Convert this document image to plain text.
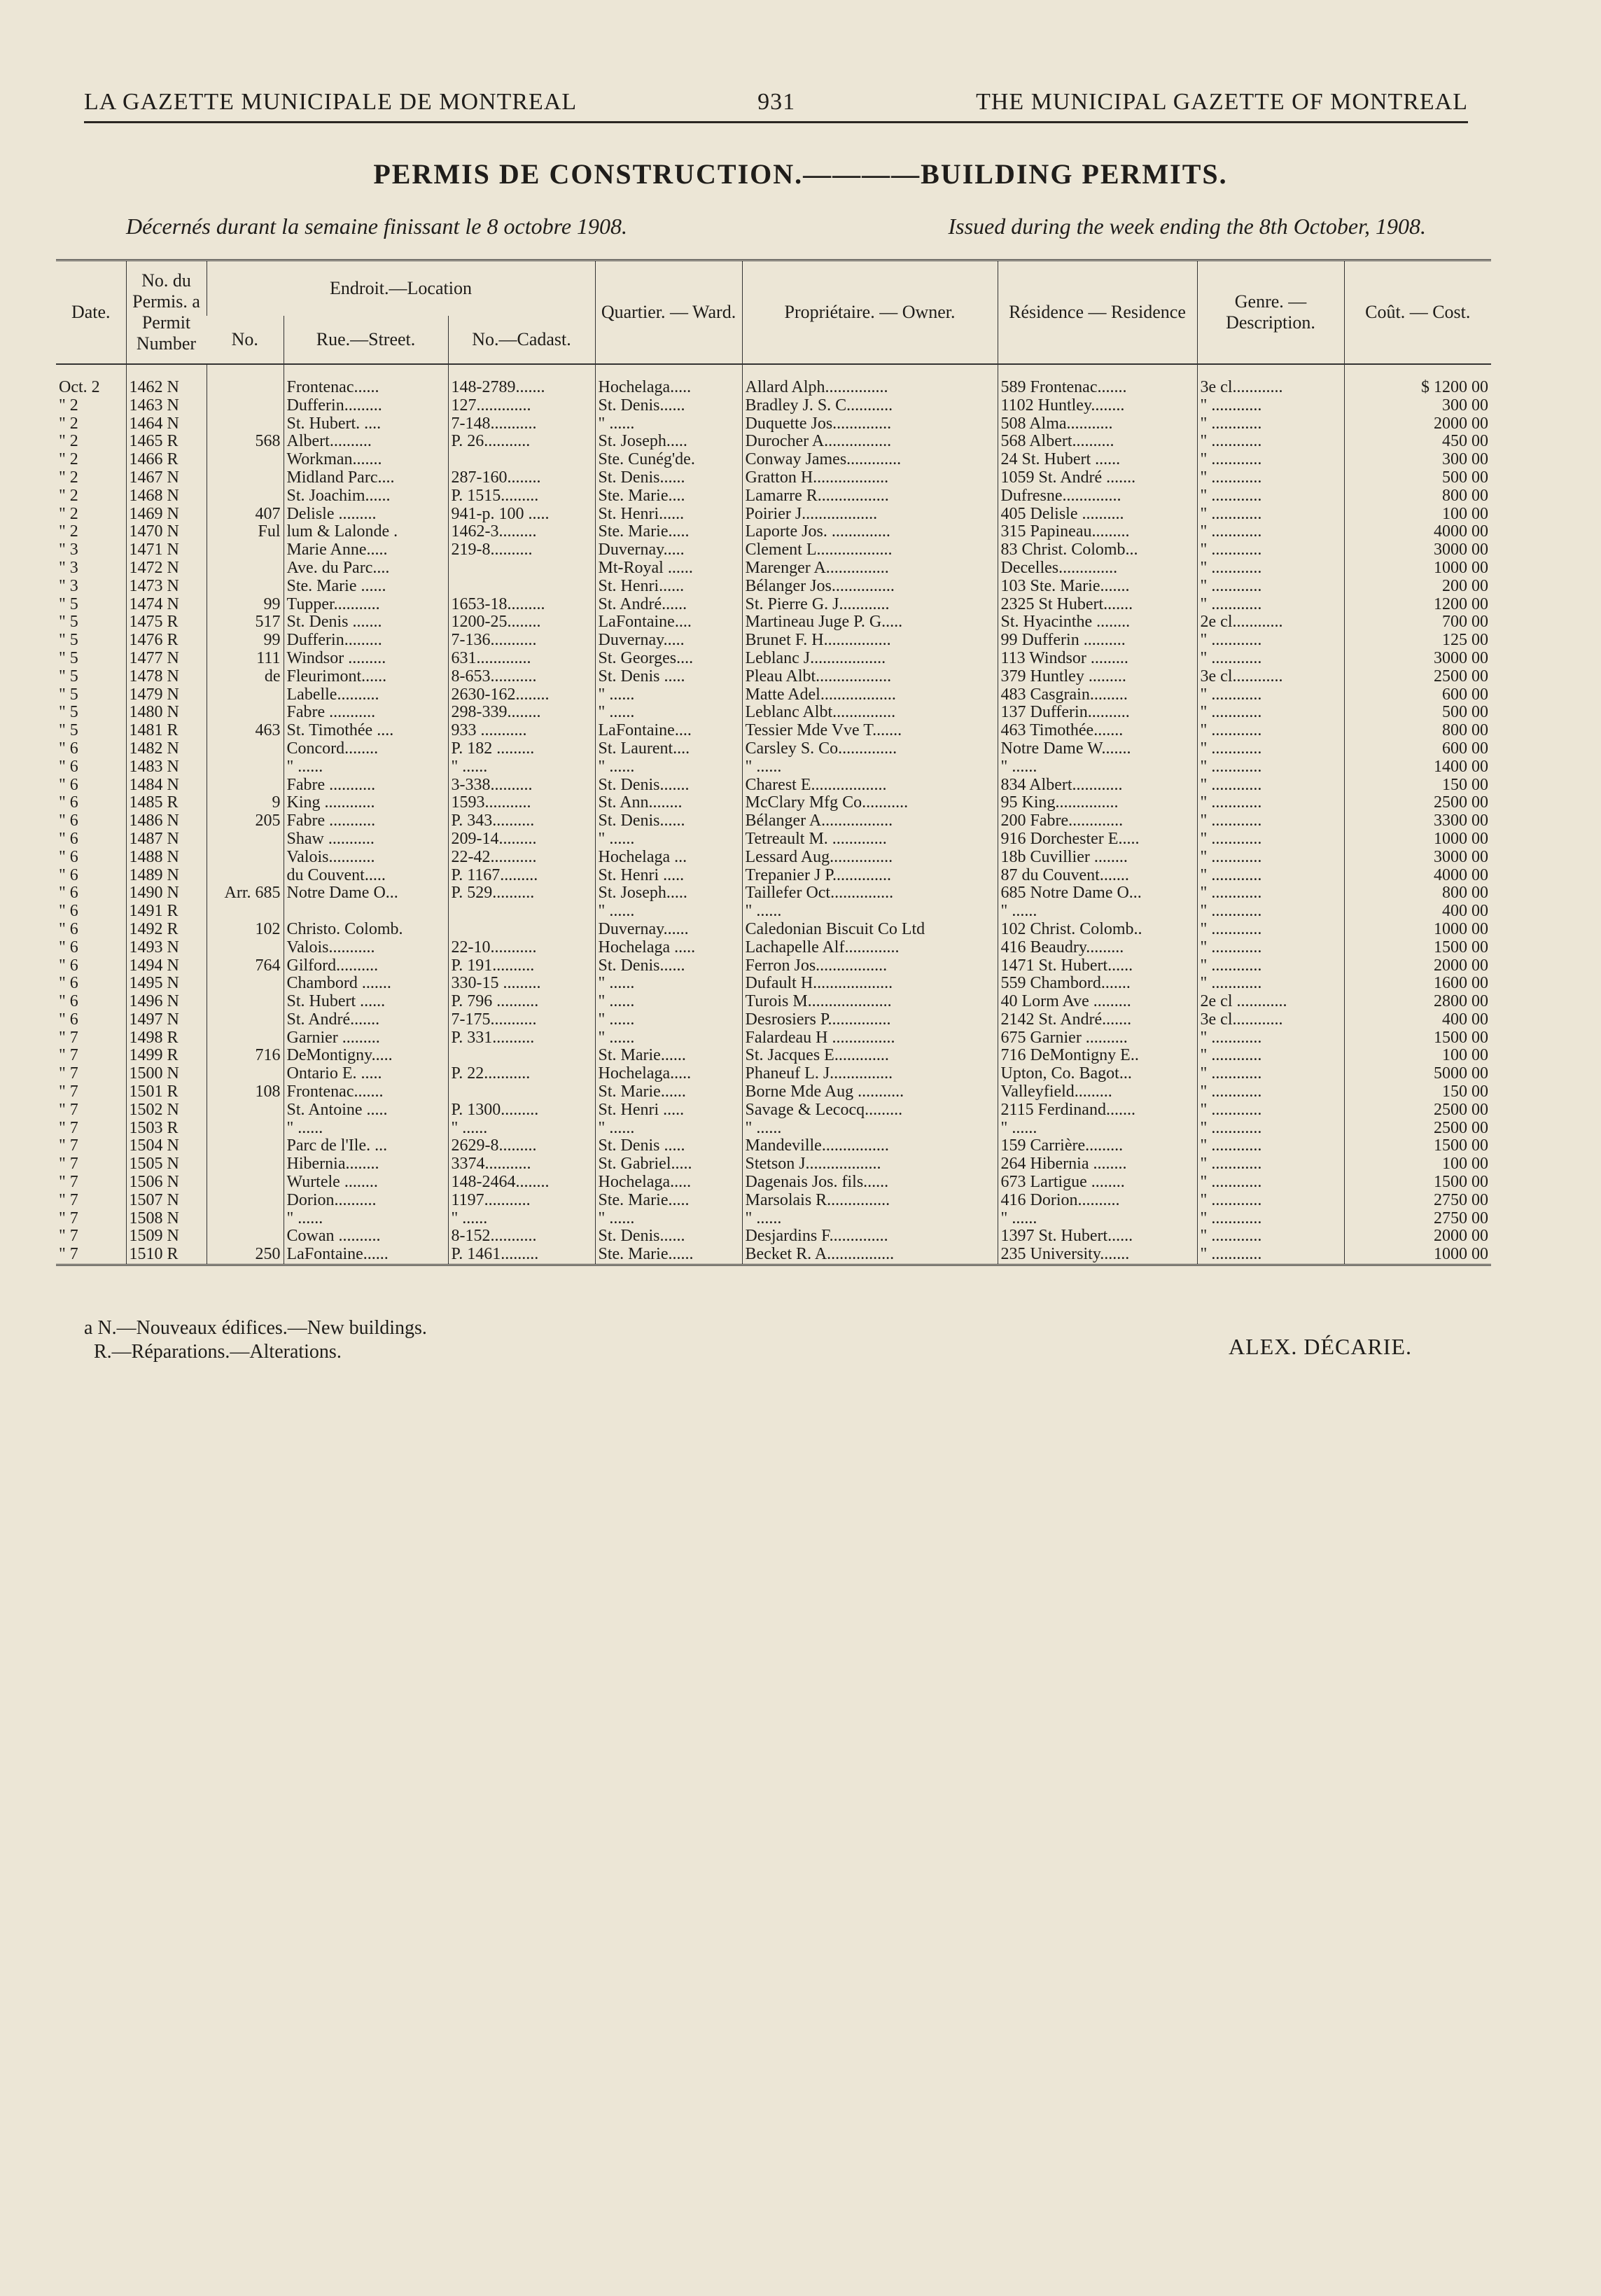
LA GAZETTE MUNICIPALE DE MONTREAL	931	THE MUNICIPAL GAZETTE OF MONTREAL
PERMIS DE CONSTRUCTION.————BUILDING PERMITS.
Décernés durant la semaine finissant le 8 octobre 1908.	Issued during the week ending the 8th October, 1908.
Date.	No. du Permis. a Permit Number	Endroit.—Location			Quartier. — Ward.	Propriétaire. — Owner.	Résidence — Residence	Genre. — Description.	Coût. — Cost.
		No.	Rue.—Street.	No.—Cadast.					
Oct. 2	1462 N		Frontenac......	148-2789.......	Hochelaga.....	Allard Alph...............	589 Frontenac.......	3e cl............	$ 1200 00
" 2	1463 N		Dufferin.........	127.............	St. Denis......	Bradley J. S. C...........	1102 Huntley........	" ............	300 00
" 2	1464 N		St. Hubert. ....	7-148...........	" ......	Duquette Jos..............	508 Alma...........	" ............	2000 00
" 2	1465 R	568	Albert..........	P. 26...........	St. Joseph.....	Durocher A................	568 Albert..........	" ............	450 00
" 2	1466 R		Workman.......		Ste. Cunég'de.	Conway James.............	24 St. Hubert ......	" ............	300 00
" 2	1467 N		Midland Parc....	287-160........	St. Denis......	Gratton H..................	1059 St. André .......	" ............	500 00
" 2	1468 N		St. Joachim......	P. 1515.........	Ste. Marie....	Lamarre R.................	Dufresne..............	" ............	800 00
" 2	1469 N	407	Delisle .........	941-p. 100 .....	St. Henri......	Poirier J..................	405 Delisle ..........	" ............	100 00
" 2	1470 N	Ful	lum & Lalonde .	1462-3.........	Ste. Marie.....	Laporte Jos. ..............	315 Papineau.........	" ............	4000 00
" 3	1471 N		Marie Anne.....	219-8..........	Duvernay.....	Clement L..................	83 Christ. Colomb...	" ............	3000 00
" 3	1472 N		Ave. du Parc....		Mt-Royal ......	Marenger A...............	Decelles..............	" ............	1000 00
" 3	1473 N		Ste. Marie ......		St. Henri......	Bélanger Jos...............	103 Ste. Marie.......	" ............	200 00
" 5	1474 N	99	Tupper...........	1653-18.........	St. André......	St. Pierre G. J............	2325 St Hubert.......	" ............	1200 00
" 5	1475 R	517	St. Denis .......	1200-25........	LaFontaine....	Martineau Juge P. G.....	St. Hyacinthe ........	2e cl............	700 00
" 5	1476 R	99	Dufferin.........	7-136...........	Duvernay.....	Brunet F. H................	99 Dufferin ..........	" ............	125 00
" 5	1477 N	111	Windsor .........	631.............	St. Georges....	Leblanc J..................	113 Windsor .........	" ............	3000 00
" 5	1478 N	de	Fleurimont......	8-653...........	St. Denis .....	Pleau Albt..................	379 Huntley .........	3e cl............	2500 00
" 5	1479 N		Labelle..........	2630-162........	" ......	Matte Adel..................	483 Casgrain.........	" ............	600 00
" 5	1480 N		Fabre ...........	298-339........	" ......	Leblanc Albt...............	137 Dufferin..........	" ............	500 00
" 5	1481 R	463	St. Timothée ....	933 ...........	LaFontaine....	Tessier Mde Vve T.......	463 Timothée.......	" ............	800 00
" 6	1482 N		Concord........	P. 182 .........	St. Laurent....	Carsley S. Co..............	Notre Dame W.......	" ............	600 00
" 6	1483 N		" ......	" ......	" ......	" ......	" ......	" ............	1400 00
" 6	1484 N		Fabre ...........	3-338..........	St. Denis.......	Charest E..................	834 Albert............	" ............	150 00
" 6	1485 R	9	King ............	1593...........	St. Ann........	McClary Mfg Co...........	95 King...............	" ............	2500 00
" 6	1486 N	205	Fabre ...........	P. 343..........	St. Denis......	Bélanger A.................	200 Fabre.............	" ............	3300 00
" 6	1487 N		Shaw ...........	209-14.........	" ......	Tetreault M. .............	916 Dorchester E.....	" ............	1000 00
" 6	1488 N		Valois...........	22-42...........	Hochelaga ...	Lessard Aug...............	18b Cuvillier ........	" ............	3000 00
" 6	1489 N		du Couvent.....	P. 1167.........	St. Henri .....	Trepanier J P..............	87 du Couvent.......	" ............	4000 00
" 6	1490 N	Arr. 685	Notre Dame O...	P. 529..........	St. Joseph.....	Taillefer Oct...............	685 Notre Dame O...	" ............	800 00
" 6	1491 R				" ......	" ......	" ......	" ............	400 00
" 6	1492 R	102	Christo. Colomb.		Duvernay......	Caledonian Biscuit Co Ltd	102 Christ. Colomb..	" ............	1000 00
" 6	1493 N		Valois...........	22-10...........	Hochelaga .....	Lachapelle Alf.............	416 Beaudry.........	" ............	1500 00
" 6	1494 N	764	Gilford..........	P. 191..........	St. Denis......	Ferron Jos.................	1471 St. Hubert......	" ............	2000 00
" 6	1495 N		Chambord .......	330-15 .........	" ......	Dufault H...................	559 Chambord.......	" ............	1600 00
" 6	1496 N		St. Hubert ......	P. 796 ..........	" ......	Turois M....................	40 Lorm Ave .........	2e cl ............	2800 00
" 6	1497 N		St. André.......	7-175...........	" ......	Desrosiers P...............	2142 St. André.......	3e cl............	400 00
" 7	1498 R		Garnier .........	P. 331..........	" ......	Falardeau H ...............	675 Garnier ..........	" ............	1500 00
" 7	1499 R	716	DeMontigny.....		St. Marie......	St. Jacques E.............	716 DeMontigny E..	" ............	100 00
" 7	1500 N		Ontario E. .....	P. 22...........	Hochelaga.....	Phaneuf L. J...............	Upton, Co. Bagot...	" ............	5000 00
" 7	1501 R	108	Frontenac.......		St. Marie......	Borne Mde Aug ...........	Valleyfield.........	" ............	150 00
" 7	1502 N		St. Antoine .....	P. 1300.........	St. Henri .....	Savage & Lecocq.........	2115 Ferdinand.......	" ............	2500 00
" 7	1503 R		" ......	" ......	" ......	" ......	" ......	" ............	2500 00
" 7	1504 N		Parc de l'Ile. ...	2629-8.........	St. Denis .....	Mandeville................	159 Carrière.........	" ............	1500 00
" 7	1505 N		Hibernia........	3374...........	St. Gabriel.....	Stetson J..................	264 Hibernia ........	" ............	100 00
" 7	1506 N		Wurtele ........	148-2464........	Hochelaga.....	Dagenais Jos. fils......	673 Lartigue ........	" ............	1500 00
" 7	1507 N		Dorion..........	1197...........	Ste. Marie.....	Marsolais R...............	416 Dorion..........	" ............	2750 00
" 7	1508 N		" ......	" ......	" ......	" ......	" ......	" ............	2750 00
" 7	1509 N		Cowan ..........	8-152...........	St. Denis......	Desjardins F..............	1397 St. Hubert......	" ............	2000 00
" 7	1510 R	250	LaFontaine......	P. 1461.........	Ste. Marie......	Becket R. A................	235 University.......	" ............	1000 00
a N.—Nouveaux édifices.—New buildings.
R.—Réparations.—Alterations.	ALEX. DÉCARIE.
